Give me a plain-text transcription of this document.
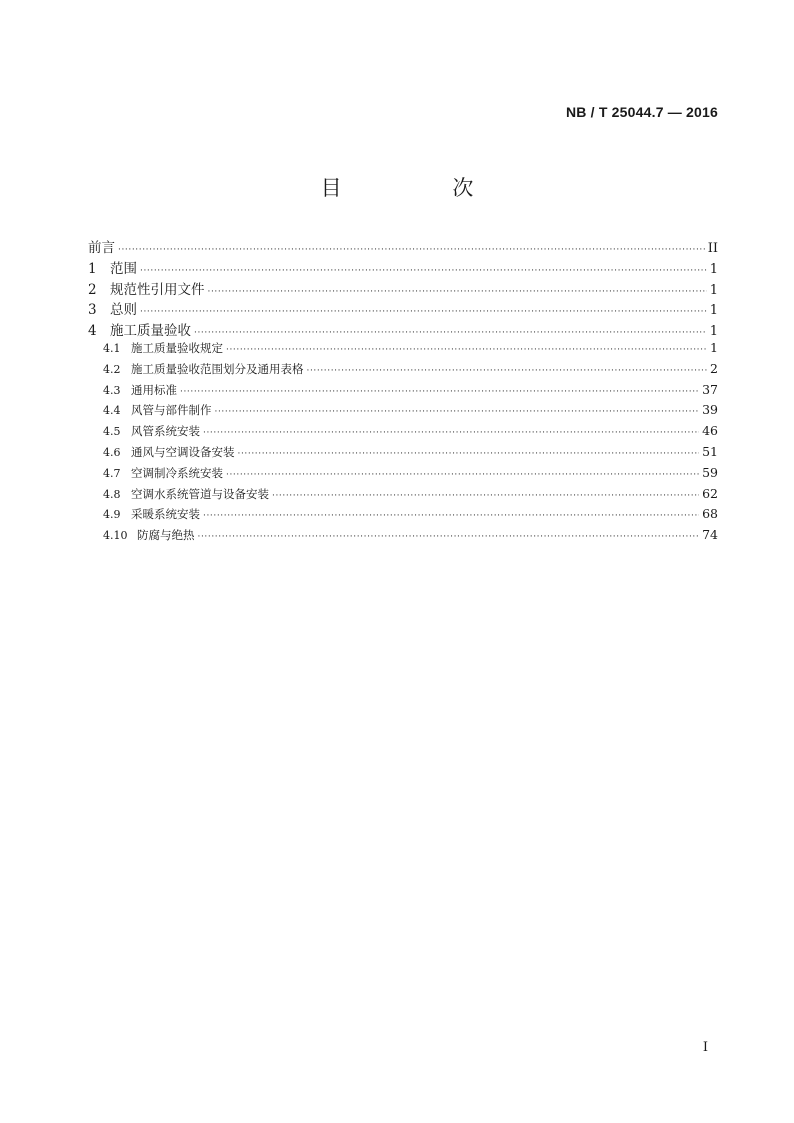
NB / T 25044.7 — 2016
目 次
前言 ·····	II
1 范围 ·····	1
2 规范性引用文件 ·····	1
3 总则 ·····	1
4 施工质量验收 ·····	1
4.1 施工质量验收规定 ·····	1
4.2 施工质量验收范围划分及通用表格 ·····	2
4.3 通用标准 ·····	37
4.4 风管与部件制作 ·····	39
4.5 风管系统安装 ·····	46
4.6 通风与空调设备安装 ·····	51
4.7 空调制冷系统安装 ·····	59
4.8 空调水系统管道与设备安装 ·····	62
4.9 采暖系统安装 ·····	68
4.10 防腐与绝热 ·····	74
I
